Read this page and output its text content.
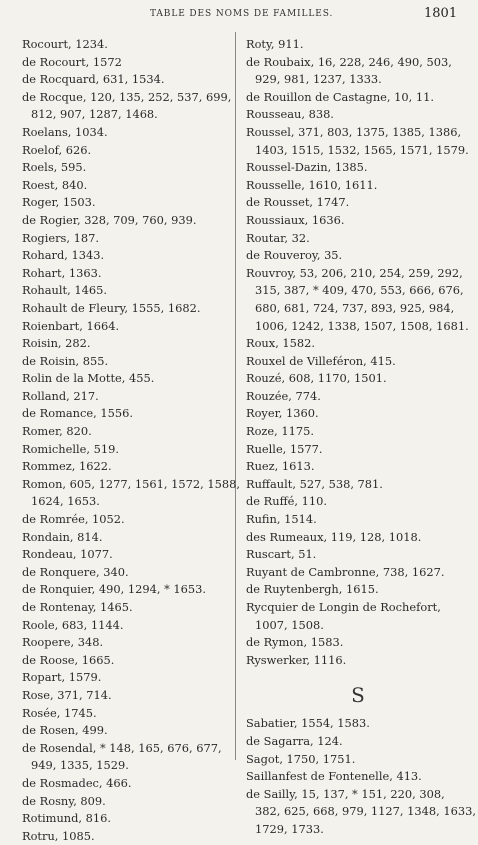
TABLE DES NOMS DE FAMILLES.	1801
Rocourt, 1234.
de Rocourt, 1572
de Rocquard, 631, 1534.
de Rocque, 120, 135, 252, 537, 699,
812, 907, 1287, 1468.
Roelans, 1034.
Roelof, 626.
Roels, 595.
Roest, 840.
Roger, 1503.
de Rogier, 328, 709, 760, 939.
Rogiers, 187.
Rohard, 1343.
Rohart, 1363.
Rohault, 1465.
Rohault de Fleury, 1555, 1682.
Roienbart, 1664.
Roisin, 282.
de Roisin, 855.
Rolin de la Motte, 455.
Rolland, 217.
de Romance, 1556.
Romer, 820.
Romichelle, 519.
Rommez, 1622.
Romon, 605, 1277, 1561, 1572, 1588,
1624, 1653.
de Romrée, 1052.
Rondain, 814.
Rondeau, 1077.
de Ronquere, 340.
de Ronquier, 490, 1294, * 1653.
de Rontenay, 1465.
Roole, 683, 1144.
Roopere, 348.
de Roose, 1665.
Ropart, 1579.
Rose, 371, 714.
Rosée, 1745.
de Rosen, 499.
de Rosendal, * 148, 165, 676, 677,
949, 1335, 1529.
de Rosmadec, 466.
de Rosny, 809.
Rotimund, 816.
Rotru, 1085.
Roty, 911.
de Roubaix, 16, 228, 246, 490, 503,
929, 981, 1237, 1333.
de Rouillon de Castagne, 10, 11.
Rousseau, 838.
Roussel, 371, 803, 1375, 1385, 1386,
1403, 1515, 1532, 1565, 1571, 1579.
Roussel-Dazin, 1385.
Rousselle, 1610, 1611.
de Rousset, 1747.
Roussiaux, 1636.
Routar, 32.
de Rouveroy, 35.
Rouvroy, 53, 206, 210, 254, 259, 292,
315, 387, * 409, 470, 553, 666, 676,
680, 681, 724, 737, 893, 925, 984,
1006, 1242, 1338, 1507, 1508, 1681.
Roux, 1582.
Rouxel de Villeféron, 415.
Rouzé, 608, 1170, 1501.
Rouzée, 774.
Royer, 1360.
Roze, 1175.
Ruelle, 1577.
Ruez, 1613.
Ruffault, 527, 538, 781.
de Ruffé, 110.
Rufin, 1514.
des Rumeaux, 119, 128, 1018.
Ruscart, 51.
Ruyant de Cambronne, 738, 1627.
de Ruytenbergh, 1615.
Rycquier de Longin de Rochefort,
1007, 1508.
de Rymon, 1583.
Ryswerker, 1116.
S
Sabatier, 1554, 1583.
de Sagarra, 124.
Sagot, 1750, 1751.
Saillanfest de Fontenelle, 413.
de Sailly, 15, 137, * 151, 220, 308,
382, 625, 668, 979, 1127, 1348, 1633,
1729, 1733.
